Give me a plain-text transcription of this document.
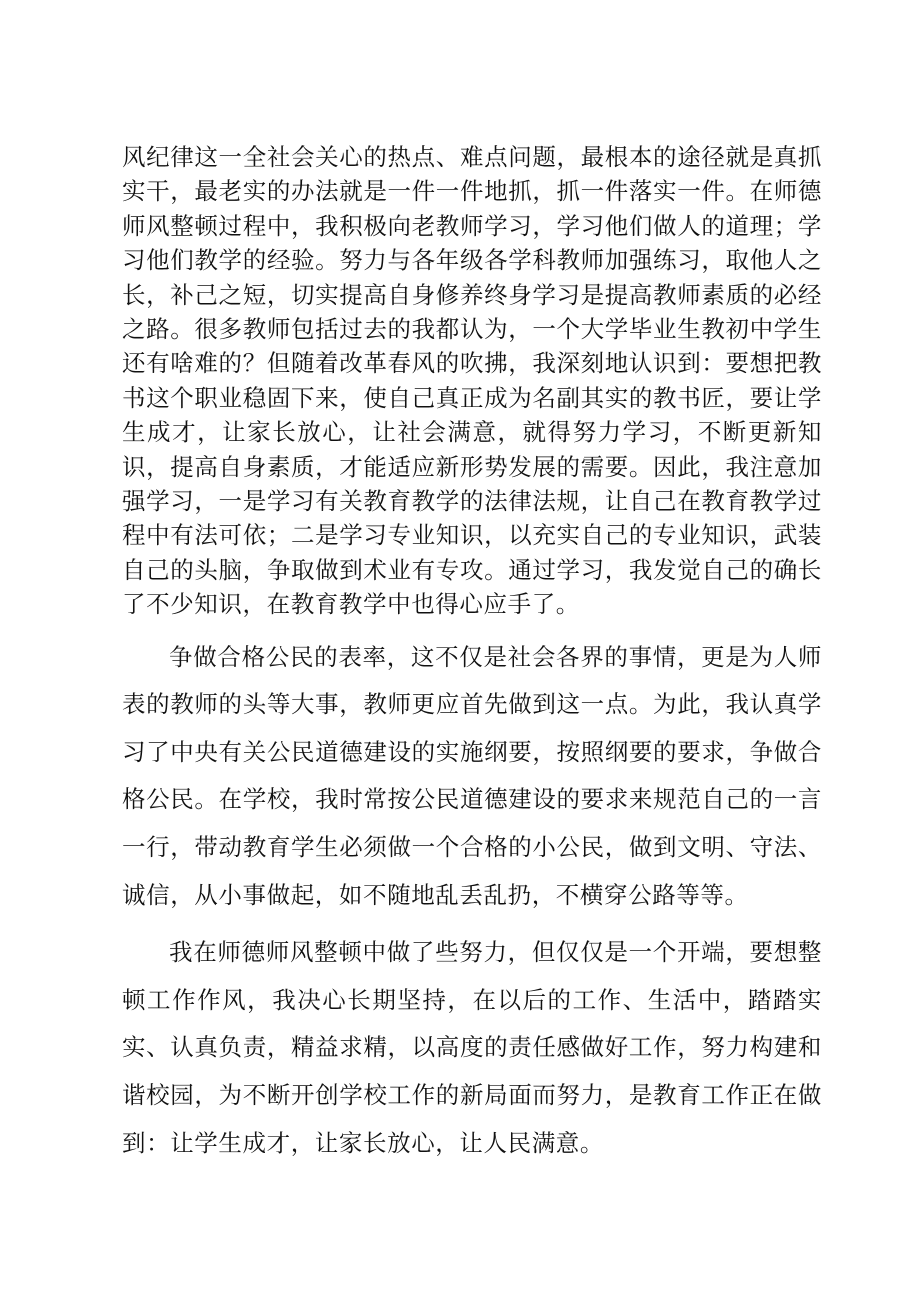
风纪律这一全社会关心的热点、难点问题，最根本的途径就是真抓实干，最老实的办法就是一件一件地抓，抓一件落实一件。在师德师风整顿过程中，我积极向老教师学习，学习他们做人的道理；学习他们教学的经验。努力与各年级各学科教师加强练习，取他人之长，补己之短，切实提高自身修养终身学习是提高教师素质的必经之路。很多教师包括过去的我都认为，一个大学毕业生教初中学生还有啥难的？但随着改革春风的吹拂，我深刻地认识到：要想把教书这个职业稳固下来，使自己真正成为名副其实的教书匠，要让学生成才，让家长放心，让社会满意，就得努力学习，不断更新知识，提高自身素质，才能适应新形势发展的需要。因此，我注意加强学习，一是学习有关教育教学的法律法规，让自己在教育教学过程中有法可依；二是学习专业知识，以充实自己的专业知识，武装自己的头脑，争取做到术业有专攻。通过学习，我发觉自己的确长了不少知识，在教育教学中也得心应手了。

争做合格公民的表率，这不仅是社会各界的事情，更是为人师表的教师的头等大事，教师更应首先做到这一点。为此，我认真学习了中央有关公民道德建设的实施纲要，按照纲要的要求，争做合格公民。在学校，我时常按公民道德建设的要求来规范自己的一言一行，带动教育学生必须做一个合格的小公民，做到文明、守法、诚信，从小事做起，如不随地乱丢乱扔，不横穿公路等等。

我在师德师风整顿中做了些努力，但仅仅是一个开端，要想整顿工作作风，我决心长期坚持，在以后的工作、生活中，踏踏实实、认真负责，精益求精，以高度的责任感做好工作，努力构建和谐校园，为不断开创学校工作的新局面而努力，是教育工作正在做到：让学生成才，让家长放心，让人民满意。
